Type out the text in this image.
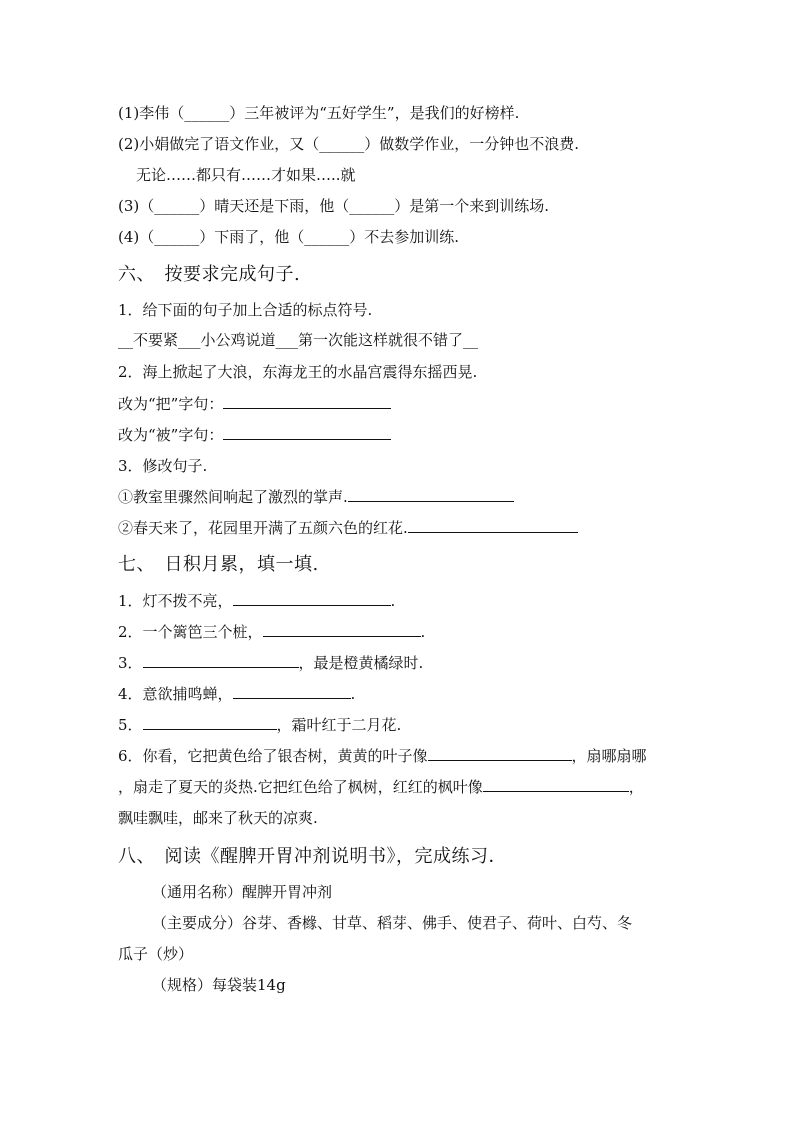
(1)李伟（______）三年被评为“五好学生”，是我们的好榜样.
(2)小娟做完了语文作业，又（______）做数学作业，一分钟也不浪费.
无论……都只有……才如果…..就
(3)（______）晴天还是下雨，他（______）是第一个来到训练场.
(4)（______）下雨了，他（______）不去参加训练.
六、　按要求完成句子.
1．给下面的句子加上合适的标点符号.
__不要紧___小公鸡说道___第一次能这样就很不错了__
2．海上掀起了大浪，东海龙王的水晶宫震得东摇西晃.
改为“把”字句：
改为“被”字句：
3．修改句子.
①教室里骤然间响起了激烈的掌声.
②春天来了，花园里开满了五颜六色的红花.
七、　日积月累，填一填.
1．灯不拨不亮，	.
2．一个篱笆三个桩，	.
3．	，最是橙黄橘绿时.
4．意欲捕鸣蝉，	.
5．	，霜叶红于二月花.
6．你看，它把黄色给了银杏树，黄黄的叶子像	，扇哪扇哪
，扇走了夏天的炎热.它把红色给了枫树，红红的枫叶像	，
飘哇飘哇，邮来了秋天的凉爽.
八、　阅读《醒脾开胃冲剂说明书》，完成练习．
（通用名称）醒脾开胃冲剂
（主要成分）谷芽、香橼、甘草、稻芽、佛手、使君子、荷叶、白芍、冬
瓜子（炒）
（规格）每袋装14g
